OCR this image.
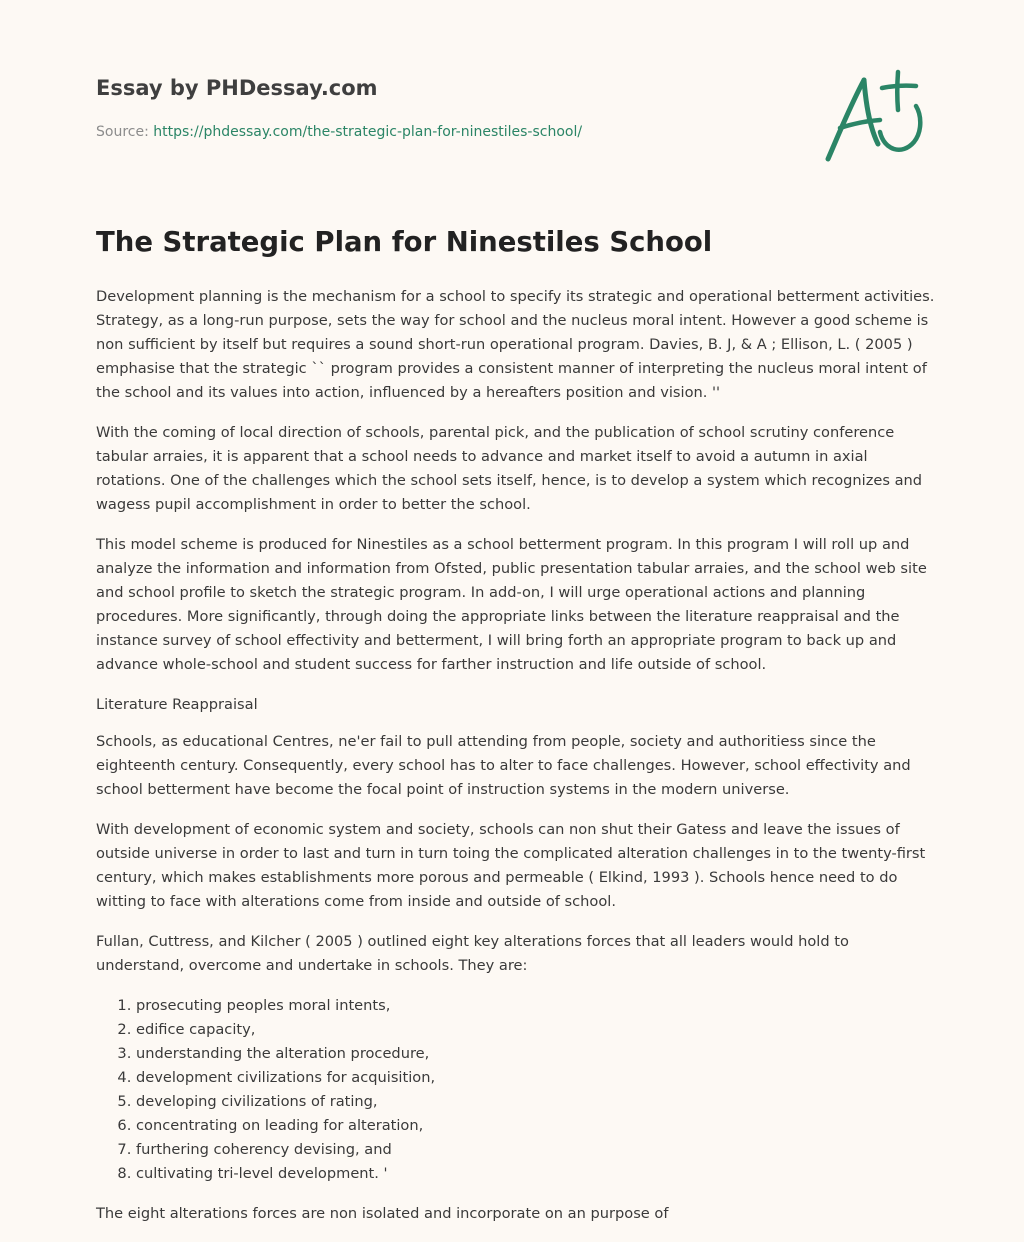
Essay by PHDessay.com
Source: https://phdessay.com/the-strategic-plan-for-ninestiles-school/
The Strategic Plan for Ninestiles School

Development planning is the mechanism for a school to specify its strategic and operational betterment activities. Strategy, as a long-run purpose, sets the way for school and the nucleus moral intent. However a good scheme is non sufficient by itself but requires a sound short-run operational program. Davies, B. J, & A ; Ellison, L. ( 2005 ) emphasise that the strategic `` program provides a consistent manner of interpreting the nucleus moral intent of the school and its values into action, influenced by a hereafters position and vision. ''

With the coming of local direction of schools, parental pick, and the publication of school scrutiny conference tabular arraies, it is apparent that a school needs to advance and market itself to avoid a autumn in axial rotations. One of the challenges which the school sets itself, hence, is to develop a system which recognizes and wagess pupil accomplishment in order to better the school.

This model scheme is produced for Ninestiles as a school betterment program. In this program I will roll up and analyze the information and information from Ofsted, public presentation tabular arraies, and the school web site and school profile to sketch the strategic program. In add-on, I will urge operational actions and planning procedures. More significantly, through doing the appropriate links between the literature reappraisal and the instance survey of school effectivity and betterment, I will bring forth an appropriate program to back up and advance whole-school and student success for farther instruction and life outside of school.

Literature Reappraisal

Schools, as educational Centres, ne'er fail to pull attending from people, society and authoritiess since the eighteenth century. Consequently, every school has to alter to face challenges. However, school effectivity and school betterment have become the focal point of instruction systems in the modern universe.

With development of economic system and society, schools can non shut their Gatess and leave the issues of outside universe in order to last and turn in turn toing the complicated alteration challenges in to the twenty-first century, which makes establishments more porous and permeable ( Elkind, 1993 ). Schools hence need to do witting to face with alterations come from inside and outside of school.

Fullan, Cuttress, and Kilcher ( 2005 ) outlined eight key alterations forces that all leaders would hold to understand, overcome and undertake in schools. They are:

1. prosecuting peoples moral intents,
2. edifice capacity,
3. understanding the alteration procedure,
4. development civilizations for acquisition,
5. developing civilizations of rating,
6. concentrating on leading for alteration,
7. furthering coherency devising, and
8. cultivating tri-level development. '

The eight alterations forces are non isolated and incorporate on an purpose of
